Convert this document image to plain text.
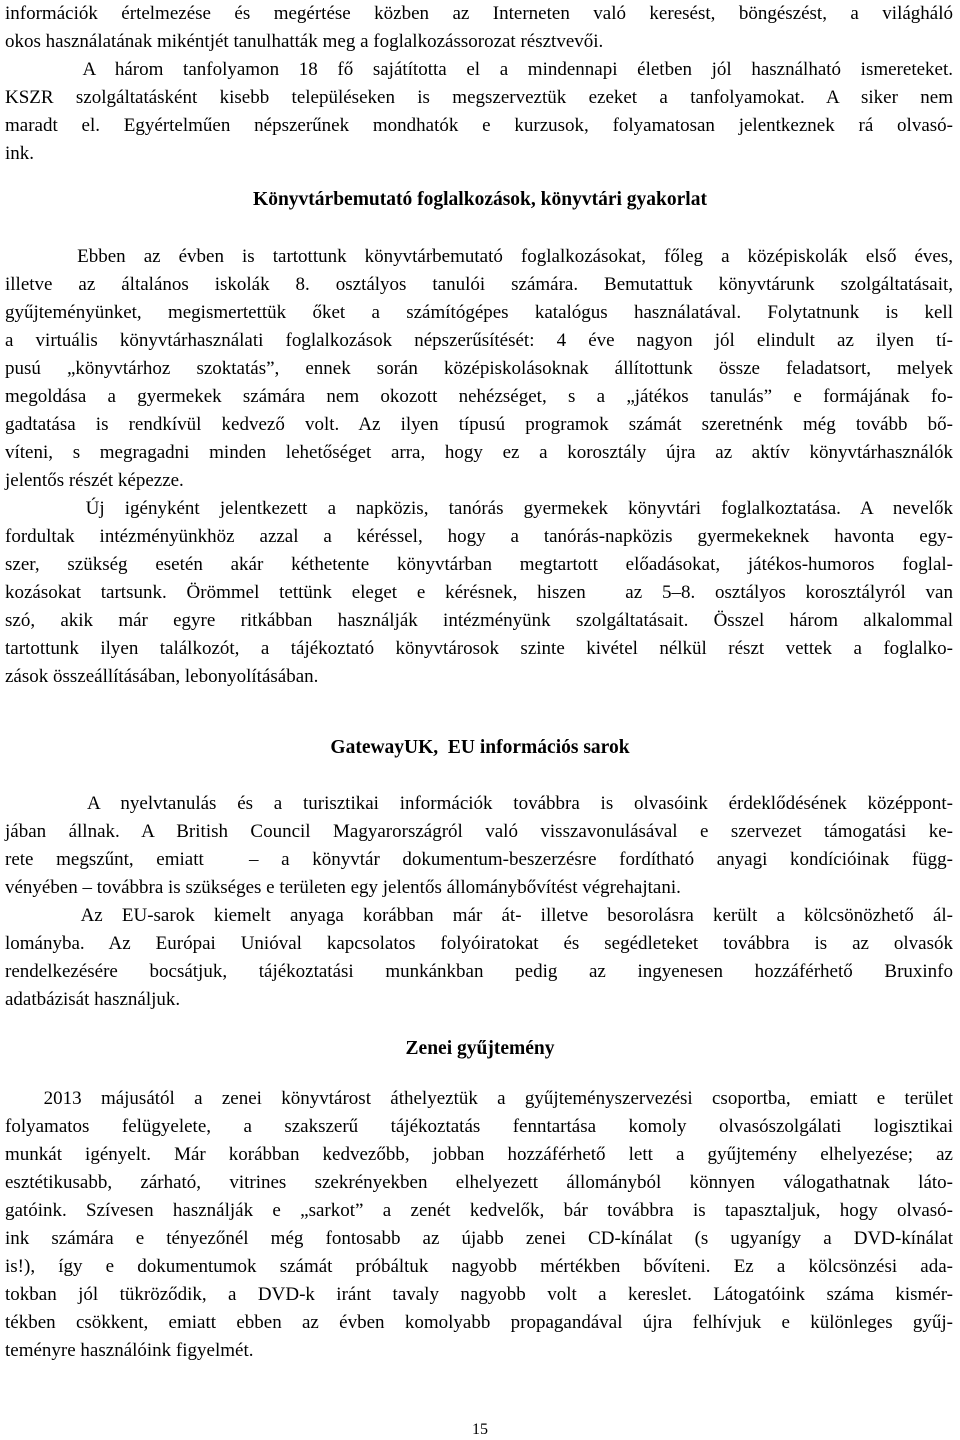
információk értelmezése és megértése közben az Interneten való keresést, böngészést, a világháló
okos használatának mikéntjét tanulhatták meg a foglalkozássorozat résztvevői.
A három tanfolyamon 18 fő sajátította el a mindennapi életben jól használható ismereteket.
KSZR szolgáltatásként kisebb településeken is megszerveztük ezeket a tanfolyamokat. A siker nem
maradt el. Egyértelműen népszerűnek mondhatók e kurzusok, folyamatosan jelentkeznek rá olvasó-
ink.
Könyvtárbemutató foglalkozások, könyvtári gyakorlat
Ebben az évben is tartottunk könyvtárbemutató foglalkozásokat, főleg a középiskolák első éves,
illetve az általános iskolák 8. osztályos tanulói számára. Bemutattuk könyvtárunk szolgáltatásait,
gyűjteményünket, megismertettük őket a számítógépes katalógus használatával. Folytatnunk is kell
a virtuális könyvtárhasználati foglalkozások népszerűsítését: 4 éve nagyon jól elindult az ilyen tí-
pusú „könyvtárhoz szoktatás”, ennek során középiskolásoknak állítottunk össze feladatsort, melyek
megoldása a gyermekek számára nem okozott nehézséget, s a „játékos tanulás” e formájának fo-
gadtatása is rendkívül kedvező volt. Az ilyen típusú programok számát szeretnénk még tovább bő-
víteni, s megragadni minden lehetőséget arra, hogy ez a korosztály újra az aktív könyvtárhasználók
jelentős részét képezze.
Új igényként jelentkezett a napközis, tanórás gyermekek könyvtári foglalkoztatása. A nevelők
fordultak intézményünkhöz azzal a kéréssel, hogy a tanórás-napközis gyermekeknek havonta egy-
szer, szükség esetén akár kéthetente könyvtárban megtartott előadásokat, játékos-humoros foglal-
kozásokat tartsunk. Örömmel tettünk eleget e kérésnek, hiszen  az 5–8. osztályos korosztályról van
szó, akik már egyre ritkábban használják intézményünk szolgáltatásait. Összel három alkalommal
tartottunk ilyen találkozót, a tájékoztató könyvtárosok szinte kivétel nélkül részt vettek a foglalko-
zások összeállításában, lebonyolításában.
GatewayUK,  EU információs sarok
A nyelvtanulás és a turisztikai információk továbbra is olvasóink érdeklődésének középpont-
jában állnak. A British Council Magyarországról való visszavonulásával e szervezet támogatási ke-
rete megszűnt, emiatt  – a könyvtár dokumentum-beszerzésre fordítható anyagi kondícióinak függ-
vényében – továbbra is szükséges e területen egy jelentős állománybővítést végrehajtani.
Az EU-sarok kiemelt anyaga korábban már át- illetve besorolásra került a kölcsönözhető ál-
lományba. Az Európai Unióval kapcsolatos folyóiratokat és segédleteket továbbra is az olvasók
rendelkezésére bocsátjuk, tájékoztatási munkánkban pedig az ingyenesen hozzáférhető Bruxinfo
adatbázisát használjuk.
Zenei gyűjtemény
2013 májusától a zenei könyvtárost áthelyeztük a gyűjteményszervezési csoportba, emiatt e terület
folyamatos felügyelete, a szakszerű tájékoztatás fenntartása komoly olvasószolgálati logisztikai
munkát igényelt. Már korábban kedvezőbb, jobban hozzáférhető lett a gyűjtemény elhelyezése; az
esztétikusabb, zárható, vitrines szekrényekben elhelyezett állományból könnyen válogathatnak láto-
gatóink. Szívesen használják e „sarkot” a zenét kedvelők, bár továbbra is tapasztaljuk, hogy olvasó-
ink számára e tényezőnél még fontosabb az újabb zenei CD-kínálat (s ugyanígy a DVD-kínálat
is!), így e dokumentumok számát próbáltuk nagyobb mértékben bővíteni. Ez a kölcsönzési ada-
tokban jól tükröződik, a DVD-k iránt tavaly nagyobb volt a kereslet. Látogatóink száma kismér-
tékben csökkent, emiatt ebben az évben komolyabb propagandával újra felhívjuk e különleges gyűj-
teményre használóink figyelmét.
15
